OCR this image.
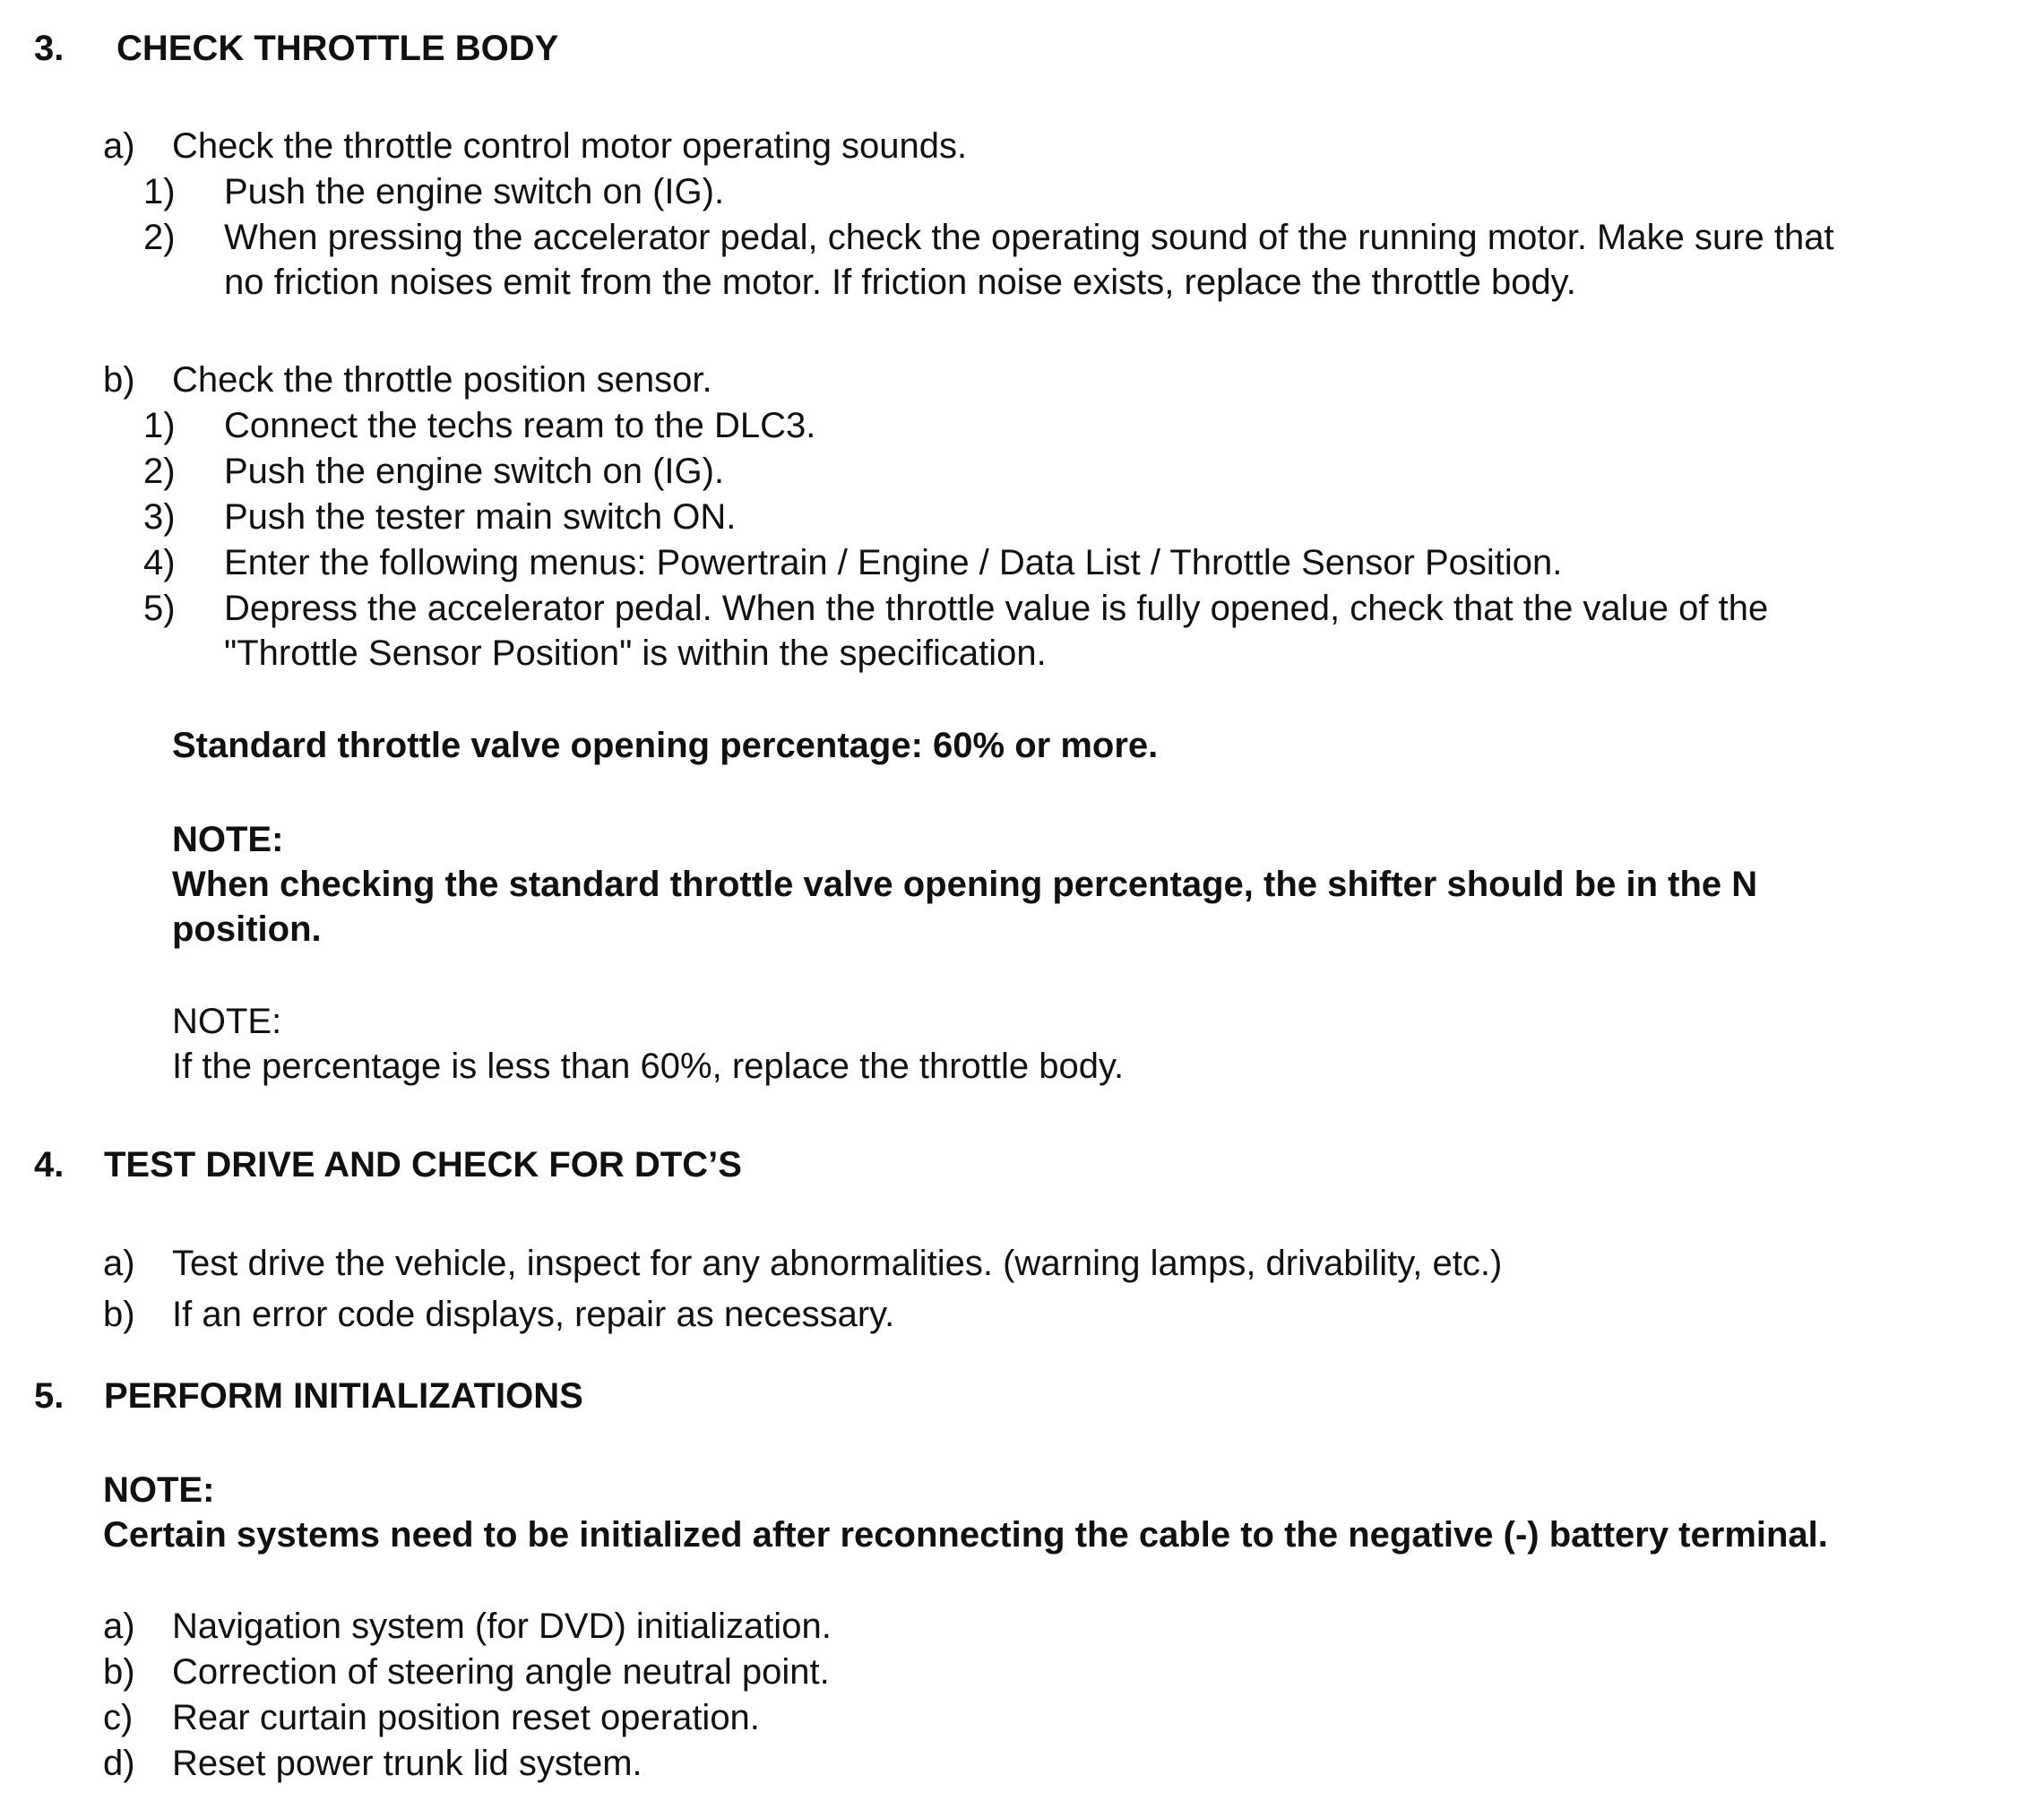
3. CHECK THROTTLE BODY
a) Check the throttle control motor operating sounds.
1) Push the engine switch on (IG).
2) When pressing the accelerator pedal, check the operating sound of the running motor. Make sure that
no friction noises emit from the motor. If friction noise exists, replace the throttle body.
b) Check the throttle position sensor.
1) Connect the techs ream to the DLC3.
2) Push the engine switch on (IG).
3) Push the tester main switch ON.
4) Enter the following menus: Powertrain / Engine / Data List / Throttle Sensor Position.
5) Depress the accelerator pedal. When the throttle value is fully opened, check that the value of the
"Throttle Sensor Position" is within the specification.
Standard throttle valve opening percentage: 60% or more.
NOTE:
When checking the standard throttle valve opening percentage, the shifter should be in the N
position.
NOTE:
If the percentage is less than 60%, replace the throttle body.
4. TEST DRIVE AND CHECK FOR DTC’S
a) Test drive the vehicle, inspect for any abnormalities. (warning lamps, drivability, etc.)
b) If an error code displays, repair as necessary.
5. PERFORM INITIALIZATIONS
NOTE:
Certain systems need to be initialized after reconnecting the cable to the negative (-) battery terminal.
a) Navigation system (for DVD) initialization.
b) Correction of steering angle neutral point.
c) Rear curtain position reset operation.
d) Reset power trunk lid system.
